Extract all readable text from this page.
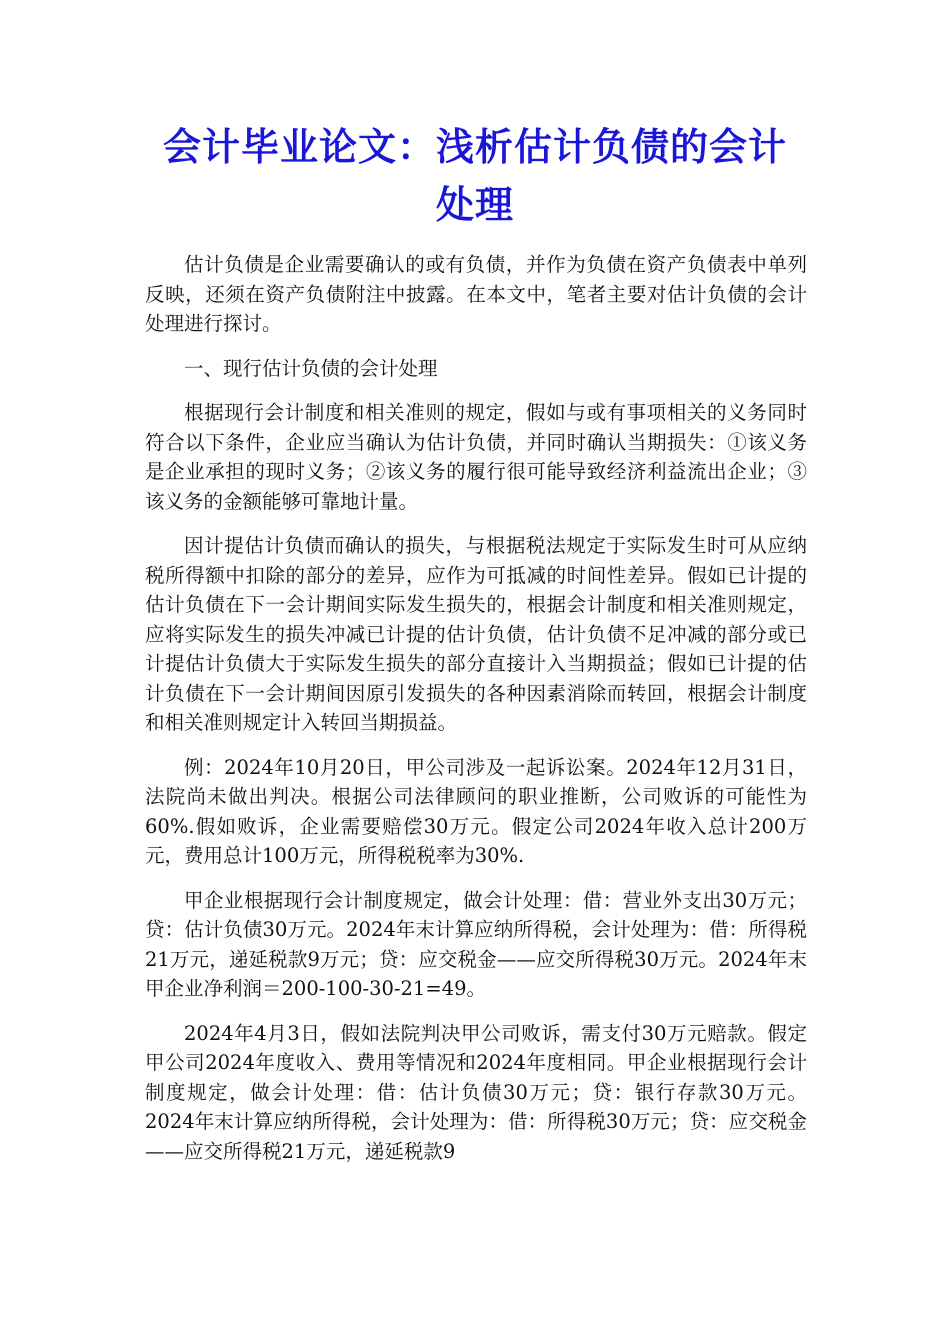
会计毕业论文：浅析估计负债的会计处理

估计负债是企业需要确认的或有负债，并作为负债在资产负债表中单列反映，还须在资产负债附注中披露。在本文中，笔者主要对估计负债的会计处理进行探讨。

一、现行估计负债的会计处理

根据现行会计制度和相关准则的规定，假如与或有事项相关的义务同时符合以下条件，企业应当确认为估计负债，并同时确认当期损失：①该义务是企业承担的现时义务；②该义务的履行很可能导致经济利益流出企业；③该义务的金额能够可靠地计量。

因计提估计负债而确认的损失，与根据税法规定于实际发生时可从应纳税所得额中扣除的部分的差异，应作为可抵减的时间性差异。假如已计提的估计负债在下一会计期间实际发生损失的，根据会计制度和相关准则规定，应将实际发生的损失冲减已计提的估计负债，估计负债不足冲减的部分或已计提估计负债大于实际发生损失的部分直接计入当期损益；假如已计提的估计负债在下一会计期间因原引发损失的各种因素消除而转回，根据会计制度和相关准则规定计入转回当期损益。

例：2024年10月20日，甲公司涉及一起诉讼案。2024年12月31日，法院尚未做出判决。根据公司法律顾问的职业推断，公司败诉的可能性为60%.假如败诉，企业需要赔偿30万元。假定公司2024年收入总计200万元，费用总计100万元，所得税税率为30%.

甲企业根据现行会计制度规定，做会计处理：借：营业外支出30万元；贷：估计负债30万元。2024年末计算应纳所得税，会计处理为：借：所得税21万元，递延税款9万元；贷：应交税金——应交所得税30万元。2024年末甲企业净利润＝200-100-30-21=49。

2024年4月3日，假如法院判决甲公司败诉，需支付30万元赔款。假定甲公司2024年度收入、费用等情况和2024年度相同。甲企业根据现行会计制度规定，做会计处理：借：估计负债30万元；贷：银行存款30万元。2024年末计算应纳所得税，会计处理为：借：所得税30万元；贷：应交税金——应交所得税21万元，递延税款9
